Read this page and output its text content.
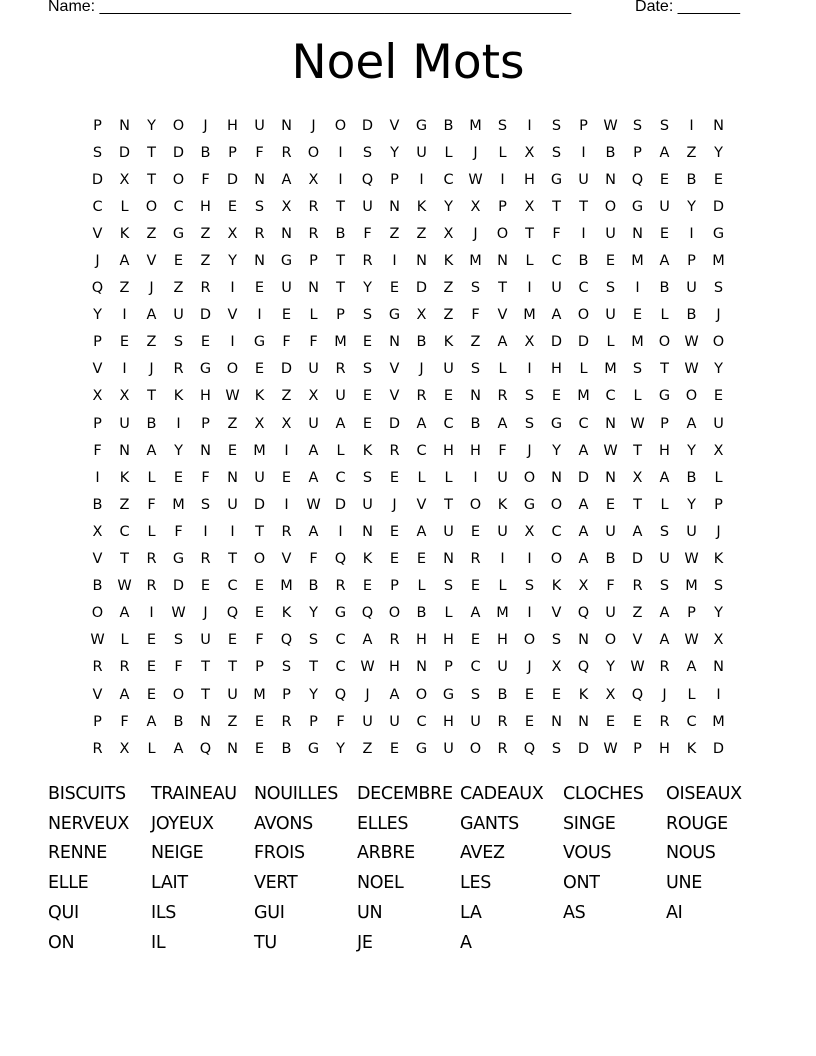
Name: _____________________________________________________	Date: _______
Noel Mots
P	N	Y	O	J	H	U	N	J	O	D	V	G	B	M	S	I	S	P	W	S	S	I	N
S	D	T	D	B	P	F	R	O	I	S	Y	U	L	J	L	X	S	I	B	P	A	Z	Y
D	X	T	O	F	D	N	A	X	I	Q	P	I	C	W	I	H	G	U	N	Q	E	B	E
C	L	O	C	H	E	S	X	R	T	U	N	K	Y	X	P	X	T	T	O	G	U	Y	D
V	K	Z	G	Z	X	R	N	R	B	F	Z	Z	X	J	O	T	F	I	U	N	E	I	G
J	A	V	E	Z	Y	N	G	P	T	R	I	N	K	M	N	L	C	B	E	M	A	P	M
Q	Z	J	Z	R	I	E	U	N	T	Y	E	D	Z	S	T	I	U	C	S	I	B	U	S
Y	I	A	U	D	V	I	E	L	P	S	G	X	Z	F	V	M	A	O	U	E	L	B	J
P	E	Z	S	E	I	G	F	F	M	E	N	B	K	Z	A	X	D	D	L	M	O W O
V	I	J	R	G	O	E	D	U	R	S	V	J	U	S	L	I	H	L	M	S	T	W	Y
X	X	T	K	H W	K	Z	X	U	E	V	R	E	N	R	S	E	M	C	L	G	O	E
P	U	B	I	P	Z	X	X	U	A	E	D	A	C	B	A	S	G	C	N W	P	A	U
F	N	A	Y	N	E	M	I	A	L	K	R	C	H	H	F	J	Y	A	W	T	H	Y	X
I	K	L	E	F	N	U	E	A	C	S	E	L	L	I	U	O	N	D	N	X	A	B	L
B	Z	F	M	S	U	D	I	W D	U	J	V	T	O	K	G	O	A	E	T	L	Y	P
X	C	L	F	I	I	T	R	A	I	N	E	A	U	E	U	X	C	A	U	A	S	U	J
V	T	R	G	R	T	O	V	F	Q	K	E	E	N	R	I	I	O	A	B	D	U	W	K
B	W	R	D	E	C	E	M	B	R	E	P	L	S	E	L	S	K	X	F	R	S	M	S
O	A	I	W	J	Q	E	K	Y	G	Q	O	B	L	A	M	I	V	Q	U	Z	A	P	Y
W	L	E	S	U	E	F	Q	S	C	A	R	H	H	E	H	O	S	N	O	V	A	W	X
R	R	E	F	T	T	P	S	T	C	W H	N	P	C	U	J	X	Q	Y	W	R	A	N
V	A	E	O	T	U	M	P	Y	Q	J	A	O	G	S	B	E	E	K	X	Q	J	L	I
P	F	A	B	N	Z	E	R	P	F	U	U	C	H	U	R	E	N	N	E	E	R	C	M
R	X	L	A	Q	N	E	B	G	Y	Z	E	G	U	O	R	Q	S	D W	P	H	K	D
BISCUITS	TRAINEAU NOUILLES	DECEMBRE CADEAUX	CLOCHES	OISEAUX
NERVEUX	JOYEUX	AVONS	ELLES	GANTS	SINGE	ROUGE
RENNE	NEIGE	FROIS	ARBRE	AVEZ	VOUS	NOUS
ELLE	LAIT	VERT	NOEL	LES	ONT	UNE
QUI	ILS	GUI	UN	LA	AS	AI
ON	IL	TU	JE	A
